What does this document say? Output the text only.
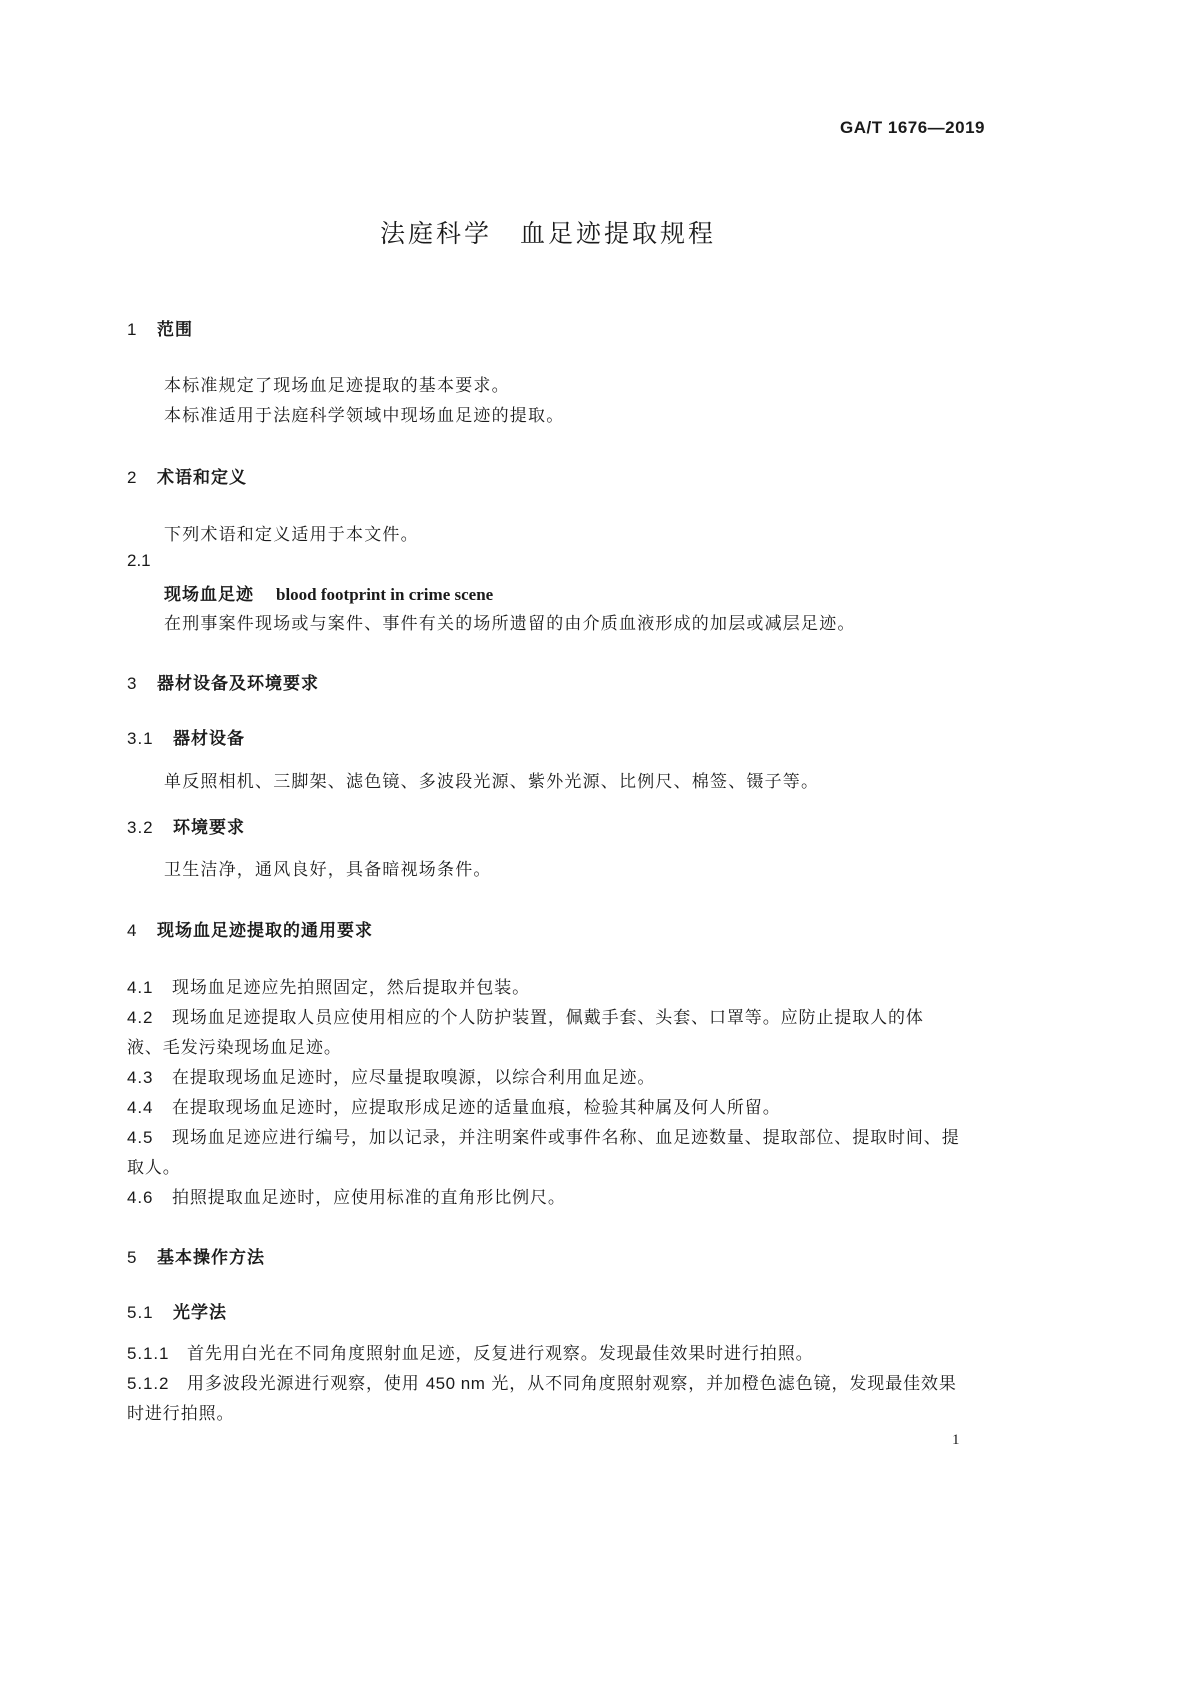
GA/T 1676—2019
法庭科学　血足迹提取规程
1 范围
本标准规定了现场血足迹提取的基本要求。
本标准适用于法庭科学领域中现场血足迹的提取。
2 术语和定义
下列术语和定义适用于本文件。
2.1
现场血足迹 blood footprint in crime scene
在刑事案件现场或与案件、事件有关的场所遗留的由介质血液形成的加层或减层足迹。
3 器材设备及环境要求
3.1 器材设备
单反照相机、三脚架、滤色镜、多波段光源、紫外光源、比例尺、棉签、镊子等。
3.2 环境要求
卫生洁净，通风良好，具备暗视场条件。
4 现场血足迹提取的通用要求
4.1 现场血足迹应先拍照固定，然后提取并包装。
4.2 现场血足迹提取人员应使用相应的个人防护装置，佩戴手套、头套、口罩等。应防止提取人的体
液、毛发污染现场血足迹。
4.3 在提取现场血足迹时，应尽量提取嗅源，以综合利用血足迹。
4.4 在提取现场血足迹时，应提取形成足迹的适量血痕，检验其种属及何人所留。
4.5 现场血足迹应进行编号，加以记录，并注明案件或事件名称、血足迹数量、提取部位、提取时间、提
取人。
4.6 拍照提取血足迹时，应使用标准的直角形比例尺。
5 基本操作方法
5.1 光学法
5.1.1 首先用白光在不同角度照射血足迹，反复进行观察。发现最佳效果时进行拍照。
5.1.2 用多波段光源进行观察，使用 450 nm 光，从不同角度照射观察，并加橙色滤色镜，发现最佳效果
时进行拍照。
1
